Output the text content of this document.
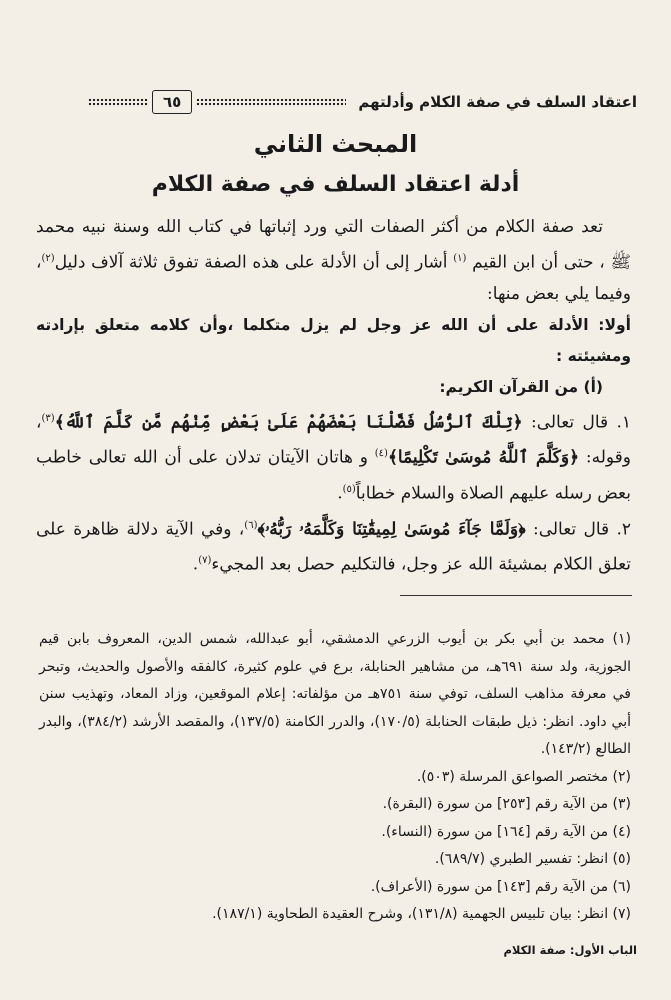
اعتقاد السلف في صفة الكلام وأدلتهم
٦٥
المبحث الثاني
أدلة اعتقاد السلف في صفة الكلام

تعد صفة الكلام من أكثر الصفات التي ورد إثباتها في كتاب الله وسنة نبيه محمد ﷺ ، حتى أن ابن القيم $^{(١)}$ أشار إلى أن الأدلة على هذه الصفة تفوق ثلاثة آلاف دليل$^{(٢)}$، وفيما يلي بعض منها:

أولا: الأدلة على أن الله عز وجل لم يزل متكلما ،وأن كلامه متعلق بإرادته ومشيئته :

(أ) من القرآن الكريم:

١. قال تعالى: ﴿تِلْكَ ٱلرُّسُلُ فَضَّلْنَا بَعْضَهُمْ عَلَىٰ بَعْضٍ مِّنْهُم مَّن كَلَّمَ ٱللَّهُ﴾$^{(٣)}$، وقوله: ﴿وَكَلَّمَ ٱللَّهُ مُوسَىٰ تَكْلِيمًا﴾$^{(٤)}$ و هاتان الآيتان تدلان على أن الله تعالى خاطب بعض رسله عليهم الصلاة والسلام خطاباً$^{(٥)}$.

٢. قال تعالى: ﴿وَلَمَّا جَآءَ مُوسَىٰ لِمِيقَٰتِنَا وَكَلَّمَهُۥ رَبُّهُۥ﴾$^{(٦)}$، وفي الآية دلالة ظاهرة على تعلق الكلام بمشيئة الله عز وجل، فالتكليم حصل بعد المجيء$^{(٧)}$.

(١) محمد بن أبي بكر بن أيوب الزرعي الدمشقي، أبو عبدالله، شمس الدين، المعروف بابن قيم الجوزية، ولد سنة ٦٩١هـ، من مشاهير الحنابلة، برع في علوم كثيرة، كالفقه والأصول والحديث، وتبحر في معرفة مذاهب السلف، توفي سنة ٧٥١هـ من مؤلفاته: إعلام الموقعين، وزاد المعاد، وتهذيب سنن أبي داود. انظر: ذيل طبقات الحنابلة (١٧٠/٥)، والدرر الكامنة (١٣٧/٥)، والمقصد الأرشد (٣٨٤/٢)، والبدر الطالع (١٤٣/٢).

(٢) مختصر الصواعق المرسلة (٥٠٣).

(٣) من الآية رقم [٢٥٣] من سورة (البقرة).

(٤) من الآية رقم [١٦٤] من سورة (النساء).

(٥) انظر: تفسير الطبري (٦٨٩/٧).

(٦) من الآية رقم [١٤٣] من سورة (الأعراف).

(٧) انظر: بيان تلبيس الجهمية (١٣١/٨)، وشرح العقيدة الطحاوية (١٨٧/١).

الباب الأول: صفة الكلام
